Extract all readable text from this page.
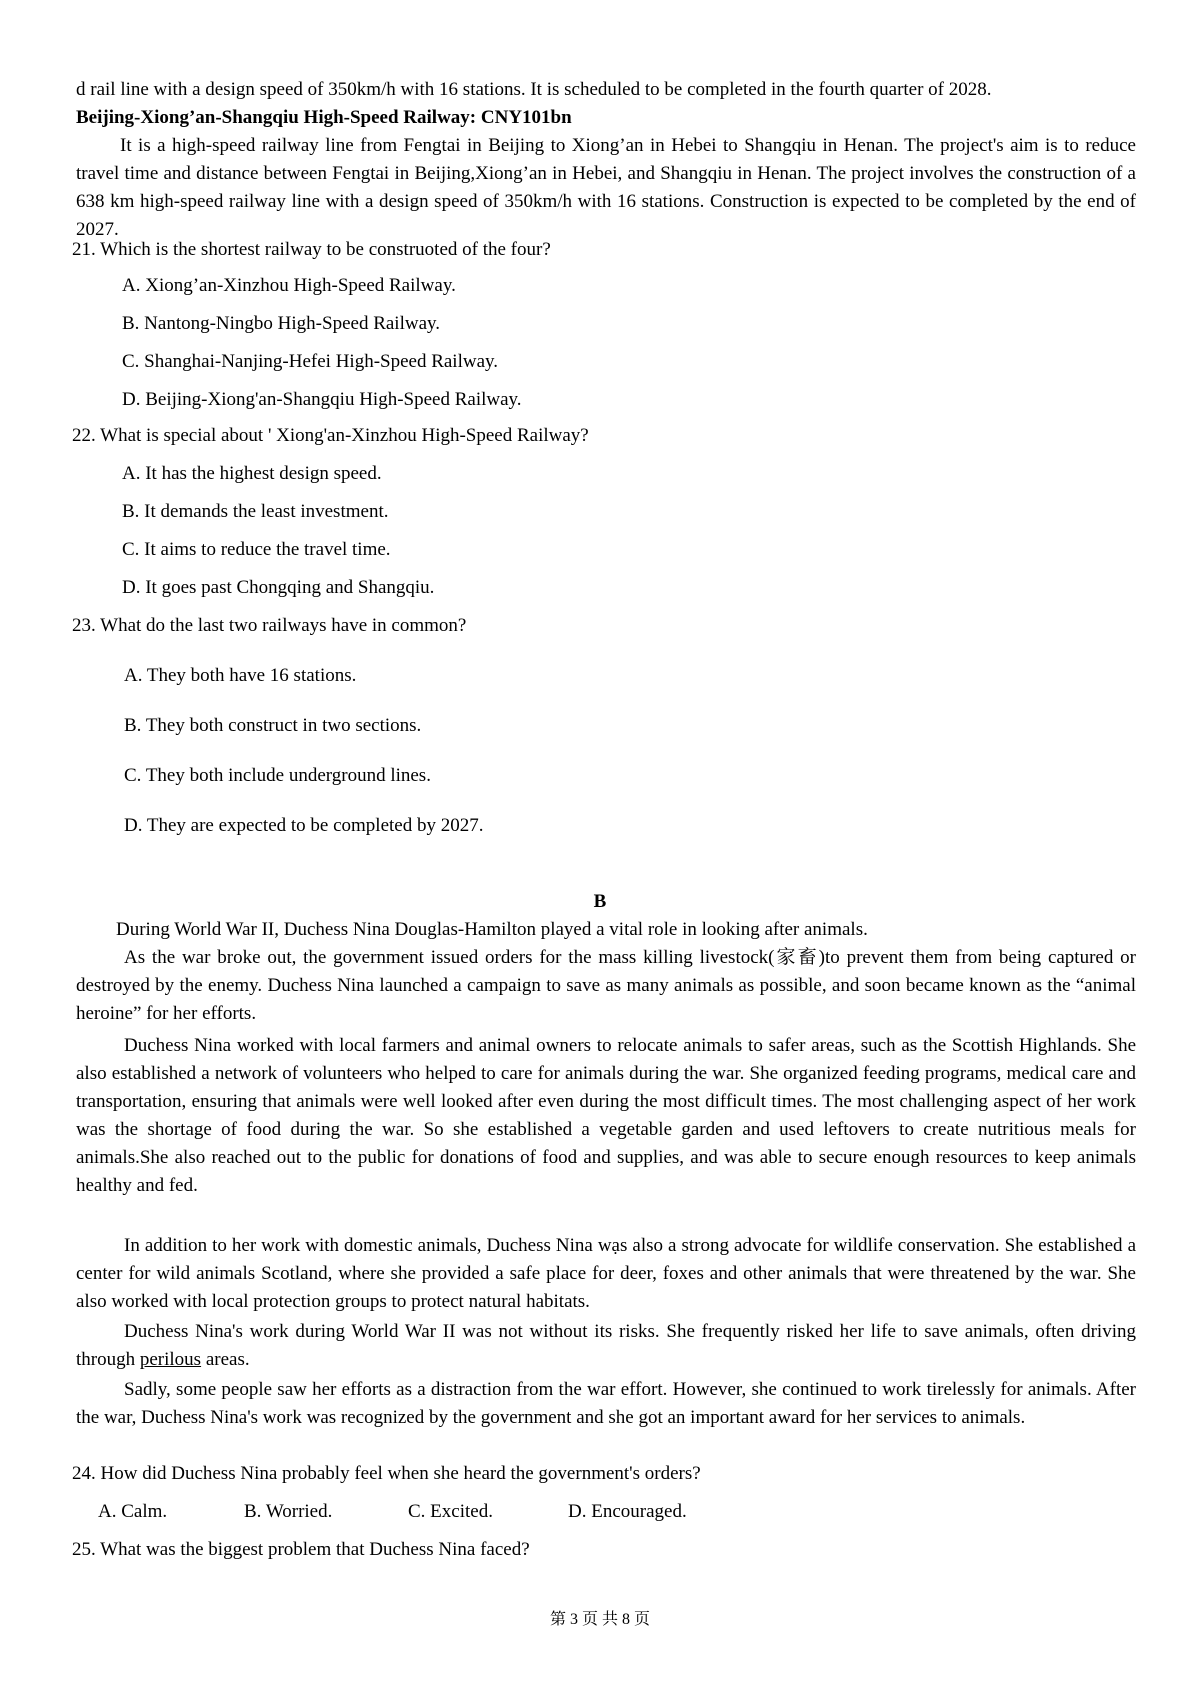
d rail line with a design speed of 350km/h with 16 stations. It is scheduled to be completed in the fourth quarter of 2028.
Beijing-Xiong’an-Shangqiu High-Speed Railway: CNY101bn
It is a high-speed railway line from Fengtai in Beijing to Xiong’an in Hebei to Shangqiu in Henan. The project's aim is to reduce travel time and distance between Fengtai in Beijing,Xiong’an in Hebei, and Shangqiu in Henan. The project involves the construction of a 638 km high-speed railway line with a design speed of 350km/h with 16 stations. Construction is expected to be completed by the end of 2027.
21. Which is the shortest railway to be construoted of the four?
A. Xiong’an-Xinzhou High-Speed Railway.
B. Nantong-Ningbo High-Speed Railway.
C. Shanghai-Nanjing-Hefei High-Speed Railway.
D. Beijing-Xiong'an-Shangqiu High-Speed Railway.
22. What is special about ' Xiong'an-Xinzhou High-Speed Railway?
A. It has the highest design speed.
B. It demands the least investment.
C. It aims to reduce the travel time.
D. It goes past Chongqing and Shangqiu.
23. What do the last two railways have in common?
A. They both have 16 stations.
B. They both construct in two sections.
C. They both include underground lines.
D. They are expected to be completed by 2027.
B
During World War II, Duchess Nina Douglas-Hamilton played a vital role in looking after animals.
As the war broke out, the government issued orders for the mass killing livestock(家畜)to prevent them from being captured or destroyed by the enemy. Duchess Nina launched a campaign to save as many animals as possible, and soon became known as the “animal heroine” for her efforts.
Duchess Nina worked with local farmers and animal owners to relocate animals to safer areas, such as the Scottish Highlands. She also established a network of volunteers who helped to care for animals during the war. She organized feeding programs, medical care and transportation, ensuring that animals were well looked after even during the most difficult times. The most challenging aspect of her work was the shortage of food during the war. So she established a vegetable garden and used leftovers to create nutritious meals for animals.She also reached out to the public for donations of food and supplies, and was able to secure enough resources to keep animals healthy and fed.
In addition to her work with domestic animals, Duchess Nina wạs also a strong advocate for wildlife conservation. She established a center for wild animals Scotland, where she provided a safe place for deer, foxes and other animals that were threatened by the war. She also worked with local protection groups to protect natural habitats.
Duchess Nina's work during World War II was not without its risks. She frequently risked her life to save animals, often driving through perilous areas.
Sadly, some people saw her efforts as a distraction from the war effort. However, she continued to work tirelessly for animals. After the war, Duchess Nina's work was recognized by the government and she got an important award for her services to animals.
24. How did Duchess Nina probably feel when she heard the government's orders?
A. Calm.	B. Worried.	C. Excited.	D. Encouraged.
25. What was the biggest problem that Duchess Nina faced?
第 3 页 共 8 页
